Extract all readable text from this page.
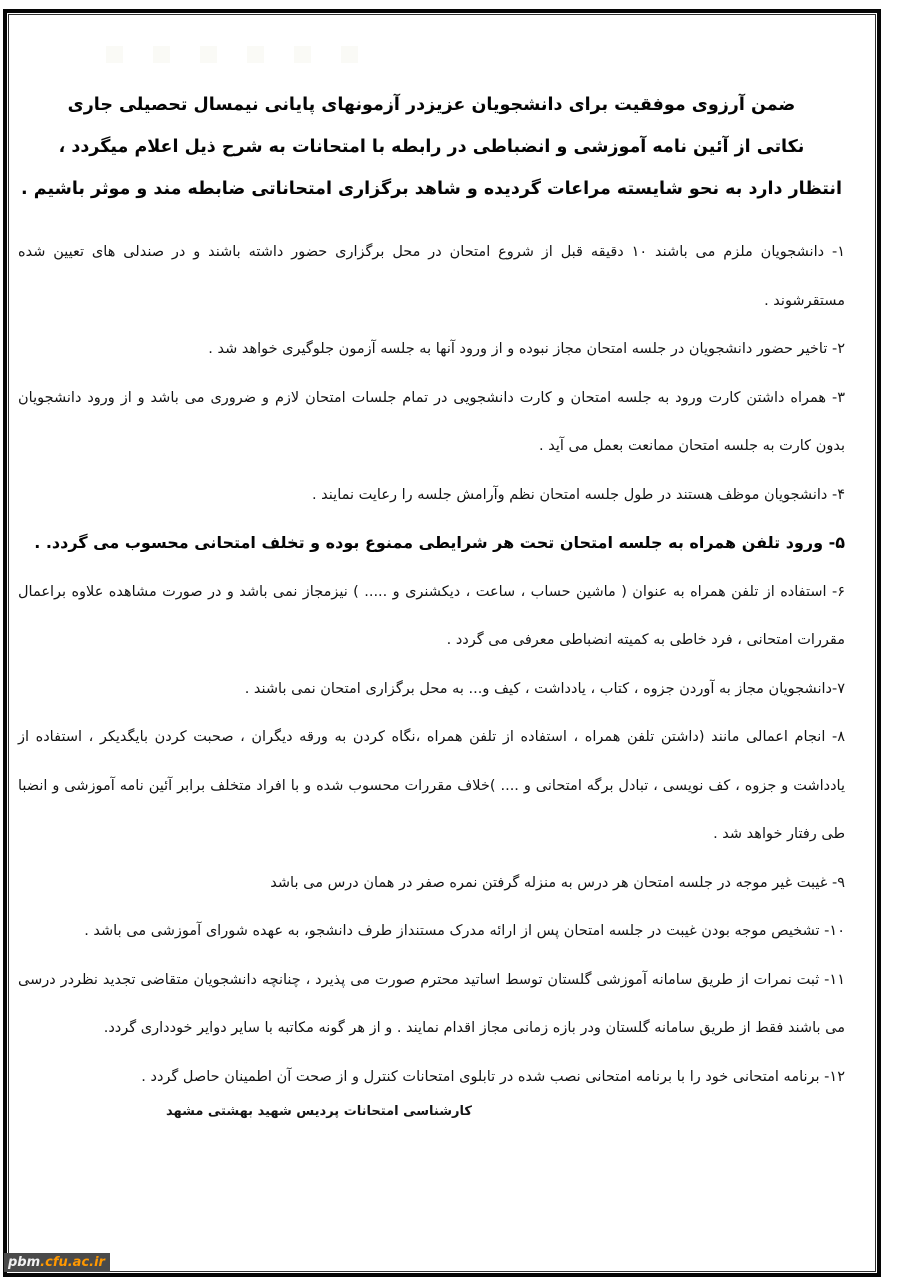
ضمن آرزوی موفقیت برای دانشجویان عزیزدر آزمونهای پایانی نیمسال تحصیلی جاری

نکاتی از آئین نامه آموزشی و انضباطی در رابطه با امتحانات به شرح ذیل اعلام میگردد ،

انتظار دارد به نحو شایسته مراعات گردیده و شاهد برگزاری امتحاناتی ضابطه مند و موثر باشیم .

۱- دانشجویان ملزم می باشند ۱۰ دقیقه قبل از شروع امتحان در محل برگزاری حضور داشته باشند و در صندلی های تعیین شده مستقرشوند .

۲- تاخیر حضور دانشجویان در جلسه امتحان مجاز نبوده و از ورود آنها به جلسه آزمون جلوگیری خواهد شد .

۳- همراه داشتن کارت ورود به جلسه امتحان و کارت دانشجویی در تمام جلسات امتحان لازم و ضروری می باشد و از ورود دانشجویان بدون کارت به جلسه امتحان ممانعت بعمل می آید .

۴- دانشجویان موظف هستند در طول جلسه امتحان نظم وآرامش جلسه را رعایت نمایند .

۵- ورود تلفن همراه به جلسه امتحان تحت هر شرایطی ممنوع بوده و تخلف امتحانی محسوب می گردد. .

۶- استفاده از تلفن همراه به عنوان ( ماشین حساب ، ساعت ، دیکشنری و ..... ) نیزمجاز نمی باشد و در صورت مشاهده علاوه براعمال مقررات امتحانی ، فرد خاطی به کمیته انضباطی معرفی می گردد .

۷-دانشجویان مجاز به آوردن جزوه ، کتاب ، یادداشت ، کیف و... به محل برگزاری امتحان نمی باشند .

۸- انجام اعمالی مانند (داشتن تلفن همراه ، استفاده از تلفن همراه ،نگاه کردن به ورقه دیگران ، صحبت کردن بایگدیکر ، استفاده از یادداشت و جزوه ، کف نویسی ، تبادل برگه امتحانی و .... )خلاف مقررات محسوب شده و با افراد متخلف برابر آئین نامه آموزشی و انضبا طی رفتار خواهد شد .

۹- غیبت غیر موجه در جلسه امتحان هر درس به منزله گرفتن نمره صفر در همان درس می باشد

۱۰- تشخیص موجه بودن غیبت در جلسه امتحان پس از ارائه مدرک مستنداز طرف دانشجو، به عهده شورای آموزشی می باشد .

۱۱- ثبت نمرات از طریق سامانه آموزشی گلستان توسط اساتید محترم صورت می پذیرد ، چنانچه دانشجویان متقاضی تجدید نظردر درسی می باشند فقط از طریق سامانه گلستان ودر بازه زمانی مجاز اقدام نمایند . و از هر گونه مکاتبه با سایر دوایر خودداری گردد.

۱۲- برنامه امتحانی خود را با برنامه امتحانی نصب شده در تابلوی امتحانات کنترل و از صحت آن اطمینان حاصل گردد .

کارشناسی امتحانات پردیس شهید بهشتی مشهد
pbm .cfu.ac.ir
